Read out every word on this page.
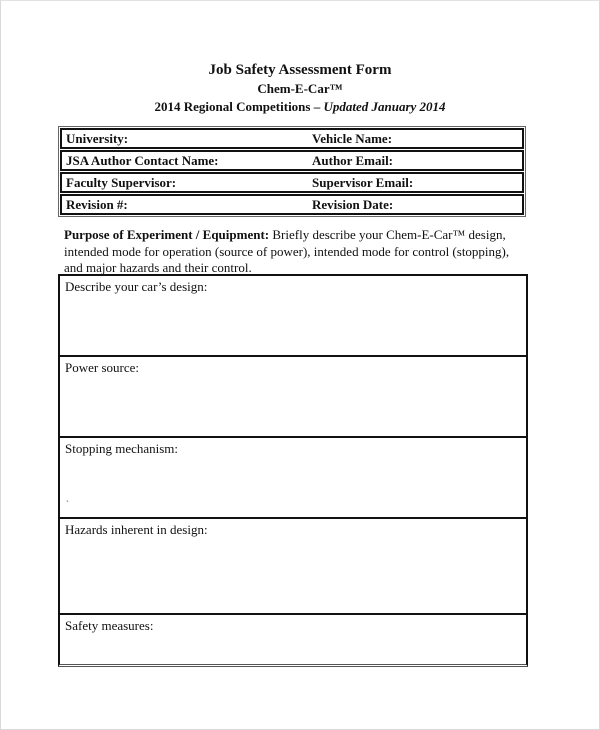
Job Safety Assessment Form
Chem-E-Car™
2014 Regional Competitions – Updated January 2014
University:	Vehicle Name:
JSA Author Contact Name:	Author Email:
Faculty Supervisor:	Supervisor Email:
Revision #:	Revision Date:
Purpose of Experiment / Equipment: Briefly describe your Chem-E-Car™ design, intended mode for operation (source of power), intended mode for control (stopping), and major hazards and their control.
Describe your car’s design:
Power source:
Stopping mechanism:
`
Hazards inherent in design:
Safety measures:
